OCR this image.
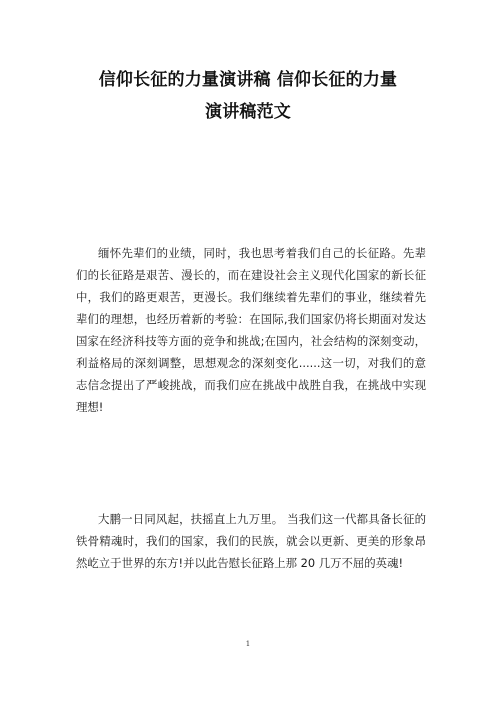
信仰长征的力量演讲稿 信仰长征的力量
演讲稿范文

缅怀先辈们的业绩，同时，我也思考着我们自己的长征路。先辈们的长征路是艰苦、漫长的，而在建设社会主义现代化国家的新长征中，我们的路更艰苦，更漫长。我们继续着先辈们的事业，继续着先辈们的理想，也经历着新的考验：在国际,我们国家仍将长期面对发达国家在经济科技等方面的竞争和挑战;在国内，社会结构的深刻变动，利益格局的深刻调整，思想观念的深刻变化......这一切，对我们的意志信念提出了严峻挑战，而我们应在挑战中战胜自我，在挑战中实现理想!

大鹏一日同风起，扶摇直上九万里。 当我们这一代都具备长征的铁骨精魂时，我们的国家，我们的民族，就会以更新、更美的形象昂然屹立于世界的东方!并以此告慰长征路上那 20 几万不屈的英魂!

1
